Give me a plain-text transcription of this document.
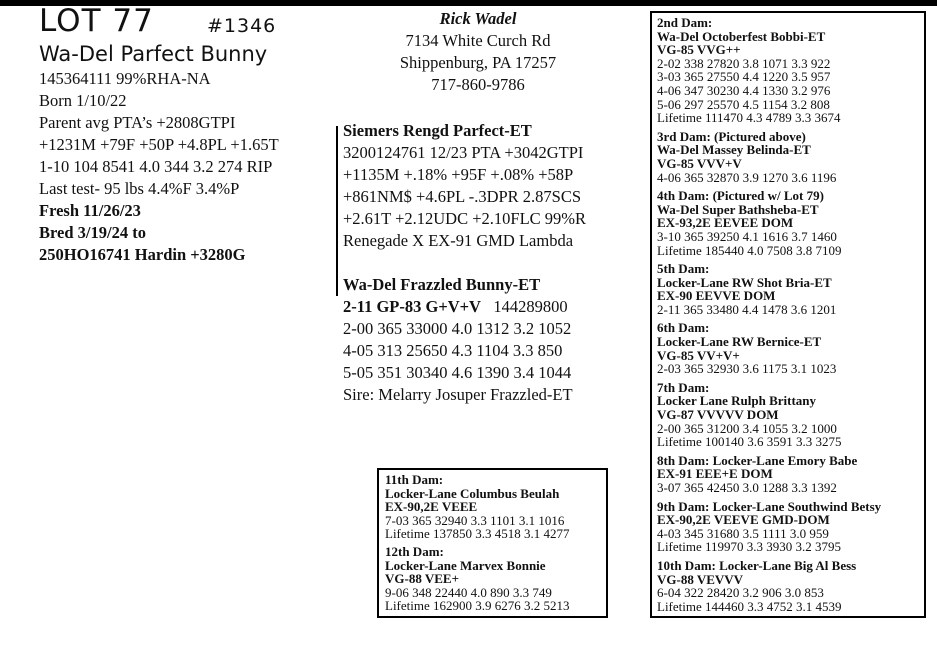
LOT 77	#1346
Wa-Del Parfect Bunny
145364111 99%RHA-NA
Born 1/10/22
Parent avg PTA’s +2808GTPI
+1231M +79F +50P +4.8PL +1.65T
1-10 104 8541 4.0 344 3.2 274 RIP
Last test- 95 lbs 4.4%F 3.4%P
Fresh 11/26/23
Bred 3/19/24 to
250HO16741 Hardin +3280G
Rick Wadel
7134 White Curch Rd
Shippenburg, PA 17257
717-860-9786
Siemers Rengd Parfect-ET
3200124761 12/23 PTA +3042GTPI
+1135M +.18% +95F +.08% +58P
+861NM$ +4.6PL -.3DPR 2.87SCS
+2.61T +2.12UDC +2.10FLC 99%R
Renegade X EX-91 GMD Lambda
Wa-Del Frazzled Bunny-ET
2-11 GP-83 G+V+V 144289800
2-00 365 33000 4.0 1312 3.2 1052
4-05 313 25650 4.3 1104 3.3 850
5-05 351 30340 4.6 1390 3.4 1044
Sire: Melarry Josuper Frazzled-ET
2nd Dam:
Wa-Del Octoberfest Bobbi-ET
VG-85 VVG++
2-02 338 27820 3.8 1071 3.3 922
3-03 365 27550 4.4 1220 3.5 957
4-06 347 30230 4.4 1330 3.2 976
5-06 297 25570 4.5 1154 3.2 808
Lifetime 111470 4.3 4789 3.3 3674
3rd Dam: (Pictured above)
Wa-Del Massey Belinda-ET
VG-85 VVV+V
4-06 365 32870 3.9 1270 3.6 1196
4th Dam: (Pictured w/ Lot 79)
Wa-Del Super Bathsheba-ET
EX-93,2E EEVEE DOM
3-10 365 39250 4.1 1616 3.7 1460
Lifetime 185440 4.0 7508 3.8 7109
5th Dam:
Locker-Lane RW Shot Bria-ET
EX-90 EEVVE DOM
2-11 365 33480 4.4 1478 3.6 1201
6th Dam:
Locker-Lane RW Bernice-ET
VG-85 VV+V+
2-03 365 32930 3.6 1175 3.1 1023
7th Dam:
Locker Lane Rulph Brittany
VG-87 VVVVV DOM
2-00 365 31200 3.4 1055 3.2 1000
Lifetime 100140 3.6 3591 3.3 3275
8th Dam: Locker-Lane Emory Babe
EX-91 EEE+E DOM
3-07 365 42450 3.0 1288 3.3 1392
9th Dam: Locker-Lane Southwind Betsy
EX-90,2E VEEVE GMD-DOM
4-03 345 31680 3.5 1111 3.0 959
Lifetime 119970 3.3 3930 3.2 3795
10th Dam: Locker-Lane Big Al Bess
VG-88 VEVVV
6-04 322 28420 3.2 906 3.0 853
Lifetime 144460 3.3 4752 3.1 4539
11th Dam:
Locker-Lane Columbus Beulah
EX-90,2E VEEE
7-03 365 32940 3.3 1101 3.1 1016
Lifetime 137850 3.3 4518 3.1 4277
12th Dam:
Locker-Lane Marvex Bonnie
VG-88 VEE+
9-06 348 22440 4.0 890 3.3 749
Lifetime 162900 3.9 6276 3.2 5213
